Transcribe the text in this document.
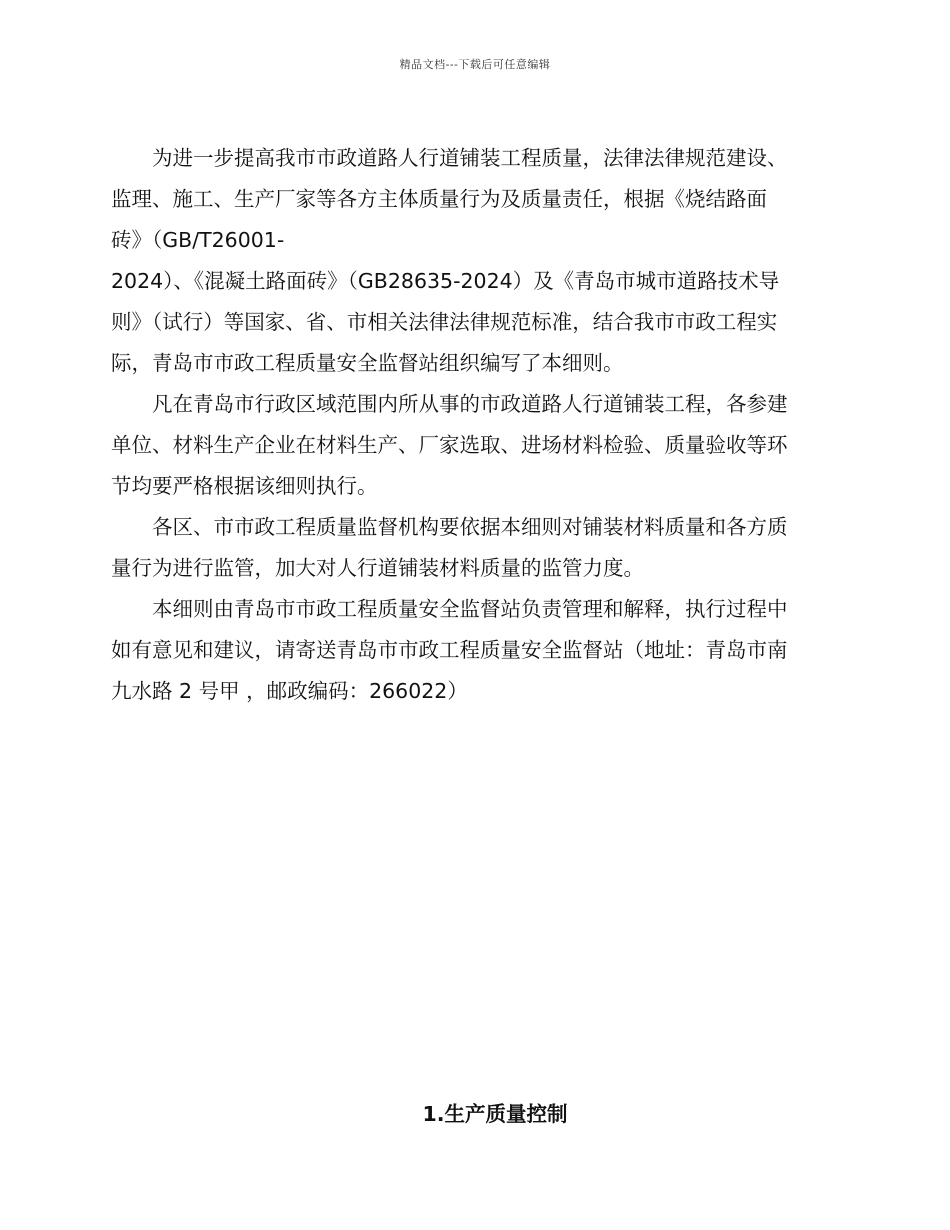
精品文档---下载后可任意编辑

为进一步提高我市市政道路人行道铺装工程质量，法律法律规范建设、
监理、施工、生产厂家等各方主体质量行为及质量责任，根据《烧结路面
砖》（GB/T26001-
2024）、《混凝土路面砖》（GB28635-2024）及《青岛市城市道路技术导
则》（试行）等国家、省、市相关法律法律规范标准，结合我市市政工程实
际，青岛市市政工程质量安全监督站组织编写了本细则。

凡在青岛市行政区域范围内所从事的市政道路人行道铺装工程，各参建
单位、材料生产企业在材料生产、厂家选取、进场材料检验、质量验收等环
节均要严格根据该细则执行。

各区、市市政工程质量监督机构要依据本细则对铺装材料质量和各方质
量行为进行监管，加大对人行道铺装材料质量的监管力度。

本细则由青岛市市政工程质量安全监督站负责管理和解释，执行过程中
如有意见和建议，请寄送青岛市市政工程质量安全监督站（地址：青岛市南
九水路 2 号甲 ，邮政编码：266022）

1.生产质量控制
